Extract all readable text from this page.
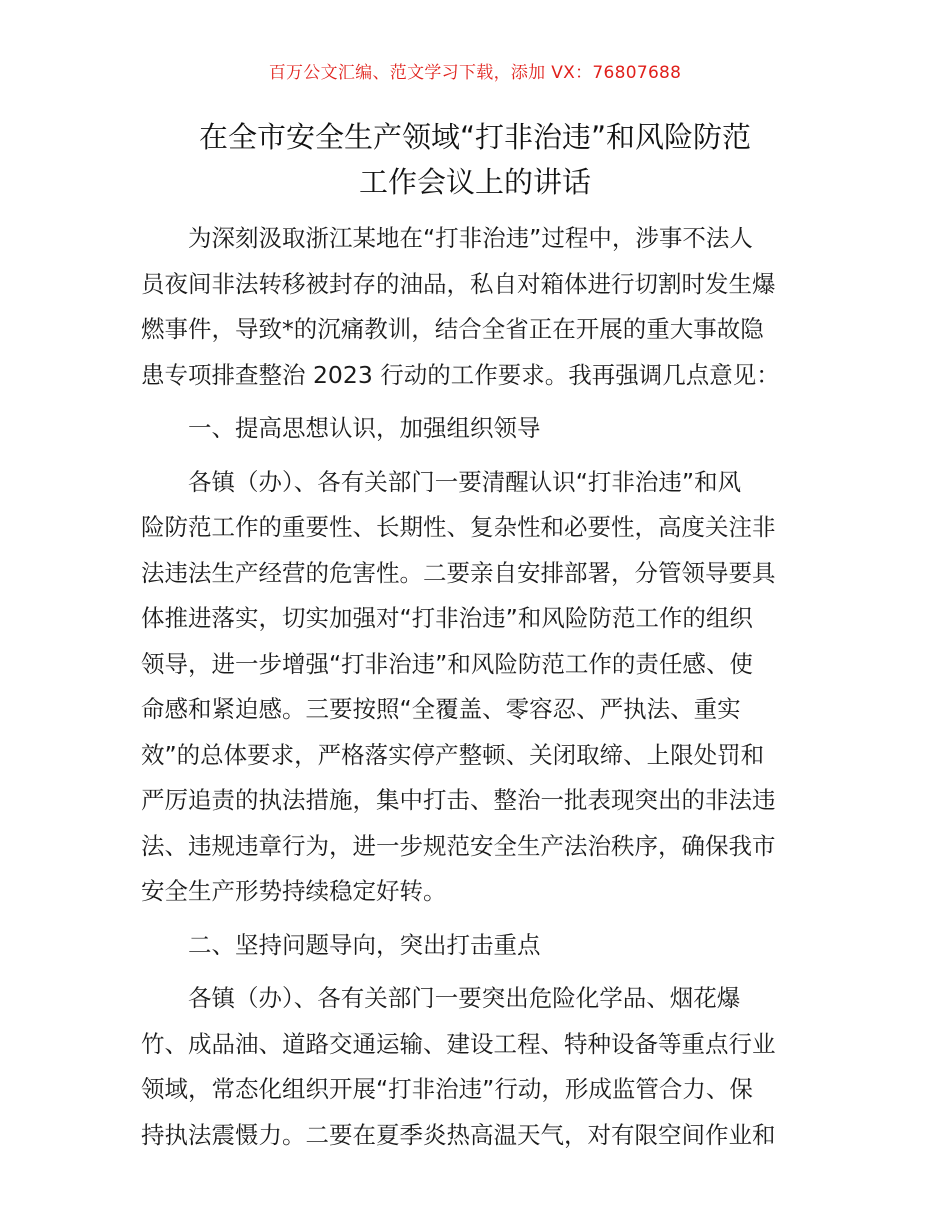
百万公文汇编、范文学习下载，添加 VX：76807688
在全市安全生产领域“打非治违”和风险防范
工作会议上的讲话
为深刻汲取浙江某地在“打非治违”过程中，涉事不法人
员夜间非法转移被封存的油品，私自对箱体进行切割时发生爆
燃事件，导致*的沉痛教训，结合全省正在开展的重大事故隐
患专项排查整治 2023 行动的工作要求。我再强调几点意见：
一、提高思想认识，加强组织领导
各镇（办）、各有关部门一要清醒认识“打非治违”和风
险防范工作的重要性、长期性、复杂性和必要性，高度关注非
法违法生产经营的危害性。二要亲自安排部署，分管领导要具
体推进落实，切实加强对“打非治违”和风险防范工作的组织
领导，进一步增强“打非治违”和风险防范工作的责任感、使
命感和紧迫感。三要按照“全覆盖、零容忍、严执法、重实
效”的总体要求，严格落实停产整顿、关闭取缔、上限处罚和
严厉追责的执法措施，集中打击、整治一批表现突出的非法违
法、违规违章行为，进一步规范安全生产法治秩序，确保我市
安全生产形势持续稳定好转。
二、坚持问题导向，突出打击重点
各镇（办）、各有关部门一要突出危险化学品、烟花爆
竹、成品油、道路交通运输、建设工程、特种设备等重点行业
领域，常态化组织开展“打非治违”行动，形成监管合力、保
持执法震慑力。二要在夏季炎热高温天气，对有限空间作业和
